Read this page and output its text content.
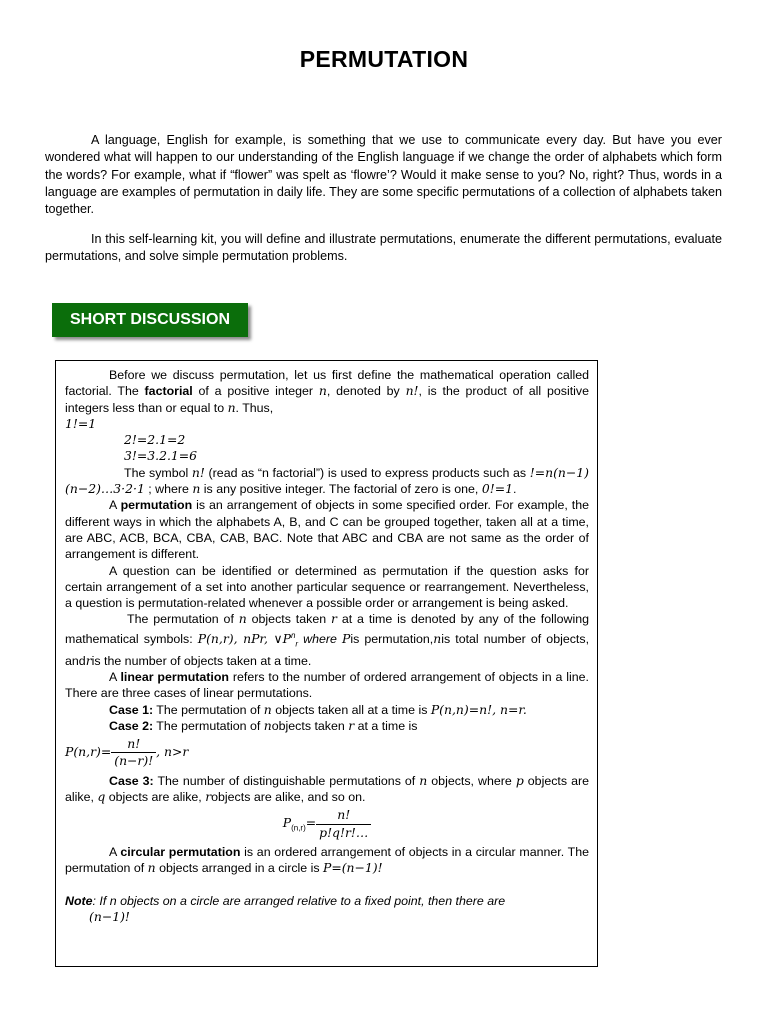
PERMUTATION
A language, English for example, is something that we use to communicate every day. But have you ever wondered what will happen to our understanding of the English language if we change the order of alphabets which form the words? For example, what if “flower” was spelt as ‘flowre’? Would it make sense to you? No, right? Thus, words in a language are examples of permutation in daily life. They are some specific permutations of a collection of alphabets taken together.
In this self-learning kit, you will define and illustrate permutations, enumerate the different permutations, evaluate permutations, and solve simple permutation problems.
SHORT DISCUSSION

Before we discuss permutation, let us first define the mathematical operation called factorial. The factorial of a positive integer n, denoted by n!, is the product of all positive integers less than or equal to n. Thus,

1!=1

2!=2.1=2

3!=3.2.1=6

The symbol n! (read as “n factorial”) is used to express products such as !=n(n−1)(n−2)…3·2·1 ; where n is any positive integer. The factorial of zero is one, 0!=1.

A permutation is an arrangement of objects in some specified order. For example, the different ways in which the alphabets A, B, and C can be grouped together, taken all at a time, are ABC, ACB, BCA, CBA, CAB, BAC. Note that ABC and CBA are not same as the order of arrangement is different.

A question can be identified or determined as permutation if the question asks for certain arrangement of a set into another particular sequence or rearrangement. Nevertheless, a question is permutation-related whenever a possible order or arrangement is being asked.

The permutation of n objects taken r at a time is denoted by any of the following mathematical symbols: P(n,r), nPr, $\vee P^n_r$ where Pis permutation,nis total number of objects, andris the number of objects taken at a time.

A linear permutation refers to the number of ordered arrangement of objects in a line. There are three cases of linear permutations.

Case 1: The permutation of n objects taken all at a time is P(n,n)=n!, n=r.

Case 2: The permutation of nobjects taken r at a time is

$P(n,r)= \frac{n!}{(n-r)!}$ , n>r

Case 3: The number of distinguishable permutations of n objects, where p objects are alike, q objects are alike, robjects are alike, and so on.

$P_{(n,r)}= \frac{n!}{p!q!r!\dots}$

A circular permutation is an ordered arrangement of objects in a circular manner. The permutation of n objects arranged in a circle is P=(n−1)!

Note: If n objects on a circle are arranged relative to a fixed point, then there are

(n−1)!
